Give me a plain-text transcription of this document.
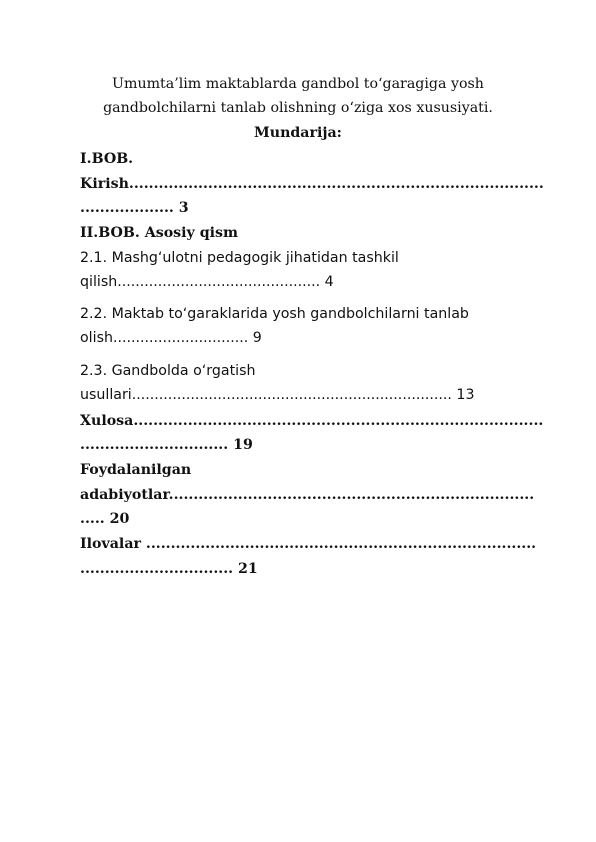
Umumta’lim maktablarda gandbol to‘garagiga yosh
gandbolchilarni tanlab olishning o‘ziga xos xususiyati.
Mundarija:
I.BOB.
Kirish....................................................................................
................... 3
II.BOB. Asosiy qism
2.1. Mashg‘ulotni pedagogik jihatidan tashkil
qilish............................................. 4
2.2. Maktab to‘garaklarida yosh gandbolchilarni tanlab
olish.............................. 9
2.3. Gandbolda o‘rgatish
usullari....................................................................... 13
Xulosa...................................................................................
.............................. 19
Foydalanilgan
adabiyotlar..........................................................................
..... 20
Ilovalar ...............................................................................
............................... 21
